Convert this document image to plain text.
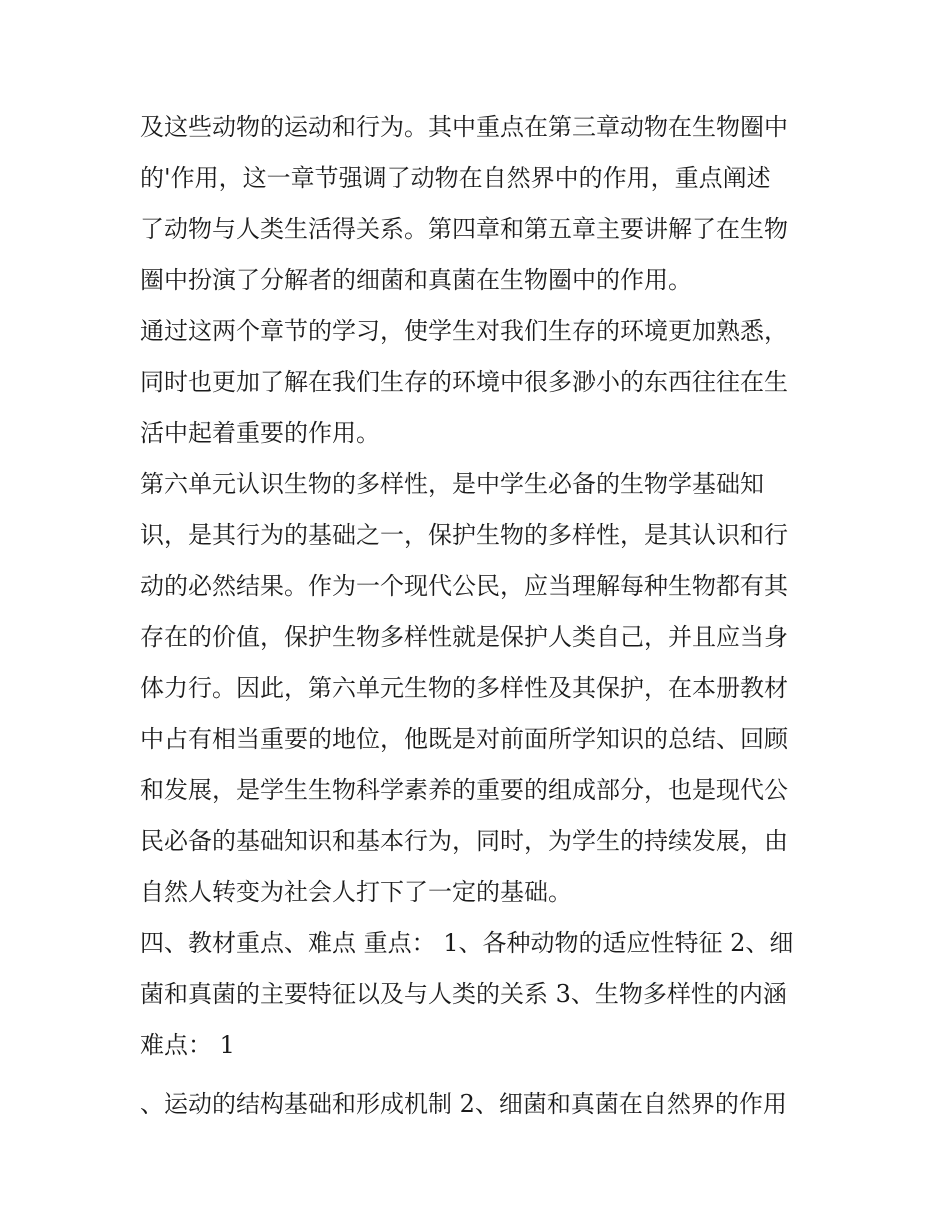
及这些动物的运动和行为。其中重点在第三章动物在生物圈中
的'作用，这一章节强调了动物在自然界中的作用，重点阐述
了动物与人类生活得关系。第四章和第五章主要讲解了在生物
圈中扮演了分解者的细菌和真菌在生物圈中的作用。
通过这两个章节的学习，使学生对我们生存的环境更加熟悉，
同时也更加了解在我们生存的环境中很多渺小的东西往往在生
活中起着重要的作用。
第六单元认识生物的多样性，是中学生必备的生物学基础知
识，是其行为的基础之一，保护生物的多样性，是其认识和行
动的必然结果。作为一个现代公民，应当理解每种生物都有其
存在的价值，保护生物多样性就是保护人类自己，并且应当身
体力行。因此，第六单元生物的多样性及其保护，在本册教材
中占有相当重要的地位，他既是对前面所学知识的总结、回顾
和发展，是学生生物科学素养的重要的组成部分，也是现代公
民必备的基础知识和基本行为，同时，为学生的持续发展，由
自然人转变为社会人打下了一定的基础。
四、教材重点、难点 重点： 1、各种动物的适应性特征 2、细
菌和真菌的主要特征以及与人类的关系 3、生物多样性的内涵
难点： 1
、运动的结构基础和形成机制 2、细菌和真菌在自然界的作用
